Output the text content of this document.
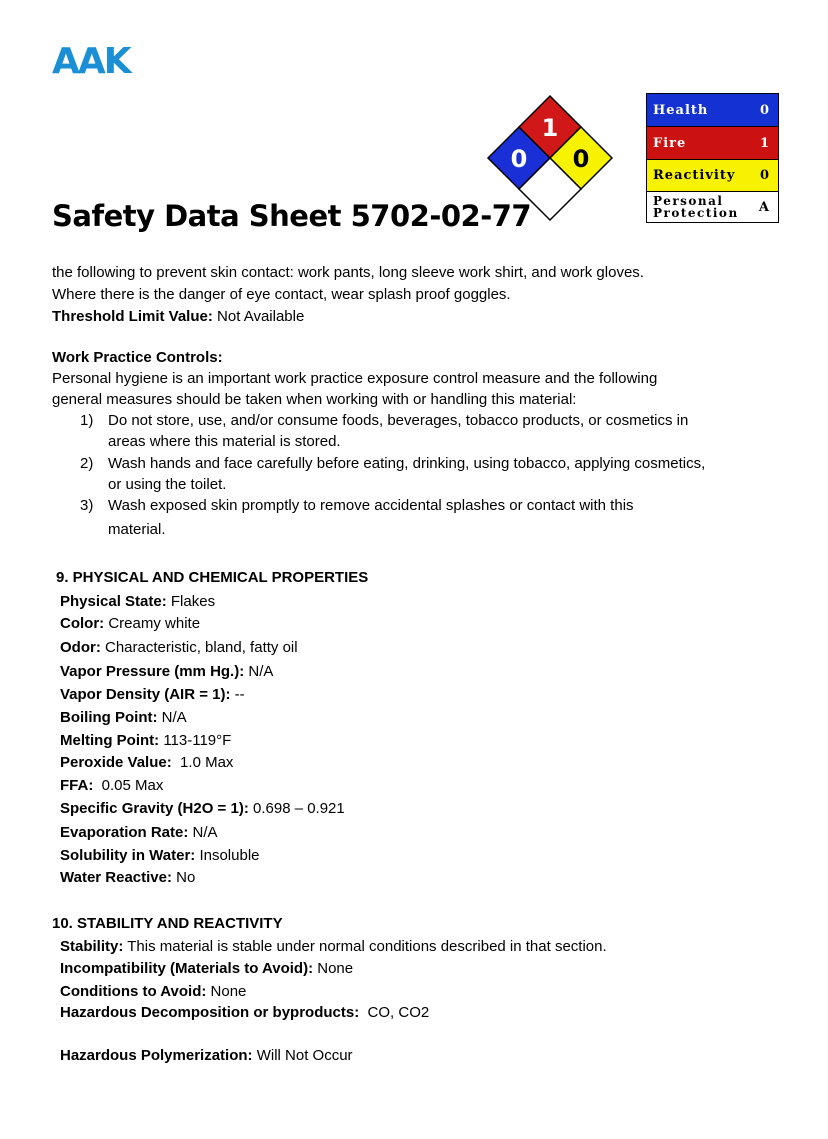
AAK
Safety Data Sheet 5702-02-77
0
1
0
Health	0
Fire	1
Reactivity 0
Personal
Protection A
the following to prevent skin contact: work pants, long sleeve work shirt, and work gloves.
Where there is the danger of eye contact, wear splash proof goggles.
Threshold Limit Value: Not Available
Work Practice Controls:
Personal hygiene is an important work practice exposure control measure and the following
general measures should be taken when working with or handling this material:
1) Do not store, use, and/or consume foods, beverages, tobacco products, or cosmetics in
areas where this material is stored.
2) Wash hands and face carefully before eating, drinking, using tobacco, applying cosmetics,
or using the toilet.
3) Wash exposed skin promptly to remove accidental splashes or contact with this
material.
9. PHYSICAL AND CHEMICAL PROPERTIES
Physical State: Flakes
Color: Creamy white
Odor: Characteristic, bland, fatty oil
Vapor Pressure (mm Hg.): N/A
Vapor Density (AIR = 1): --
Boiling Point: N/A
Melting Point: 113-119°F
Peroxide Value:  1.0 Max
FFA:  0.05 Max
Specific Gravity (H2O = 1): 0.698 – 0.921
Evaporation Rate: N/A
Solubility in Water: Insoluble
Water Reactive: No
10. STABILITY AND REACTIVITY
Stability: This material is stable under normal conditions described in that section.
Incompatibility (Materials to Avoid): None
Conditions to Avoid: None
Hazardous Decomposition or byproducts:  CO, CO2
Hazardous Polymerization: Will Not Occur
